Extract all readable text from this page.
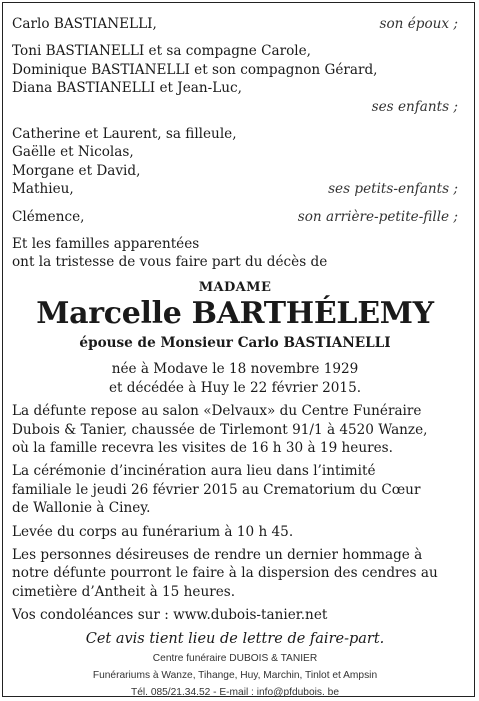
Carlo BASTIANELLI,	son époux ;
Toni BASTIANELLI et sa compagne Carole,
Dominique BASTIANELLI et son compagnon Gérard,
Diana BASTIANELLI et Jean-Luc,
ses enfants ;
Catherine et Laurent, sa filleule,
Gaëlle et Nicolas,
Morgane et David,
Mathieu,	ses petits-enfants ;
Clémence,	son arrière-petite-fille ;
Et les familles apparentées
ont la tristesse de vous faire part du décès de
MADAME
Marcelle BARTHÉLEMY
épouse de Monsieur Carlo BASTIANELLI
née à Modave le 18 novembre 1929
et décédée à Huy le 22 février 2015.
La défunte repose au salon «Delvaux» du Centre Funéraire
Dubois & Tanier, chaussée de Tirlemont 91/1 à 4520 Wanze,
où la famille recevra les visites de 16 h 30 à 19 heures.
La cérémonie d’incinération aura lieu dans l’intimité
familiale le jeudi 26 février 2015 au Crematorium du Cœur
de Wallonie à Ciney.
Levée du corps au funérarium à 10 h 45.
Les personnes désireuses de rendre un dernier hommage à
notre défunte pourront le faire à la dispersion des cendres au
cimetière d’Antheit à 15 heures.
Vos condoléances sur : www.dubois-tanier.net
Cet avis tient lieu de lettre de faire-part.
Centre funéraire DUBOIS & TANIER
Funérariums à Wanze, Tihange, Huy, Marchin, Tinlot et Ampsin
Tél. 085/21.34.52 - E-mail : info@pfdubois. be
